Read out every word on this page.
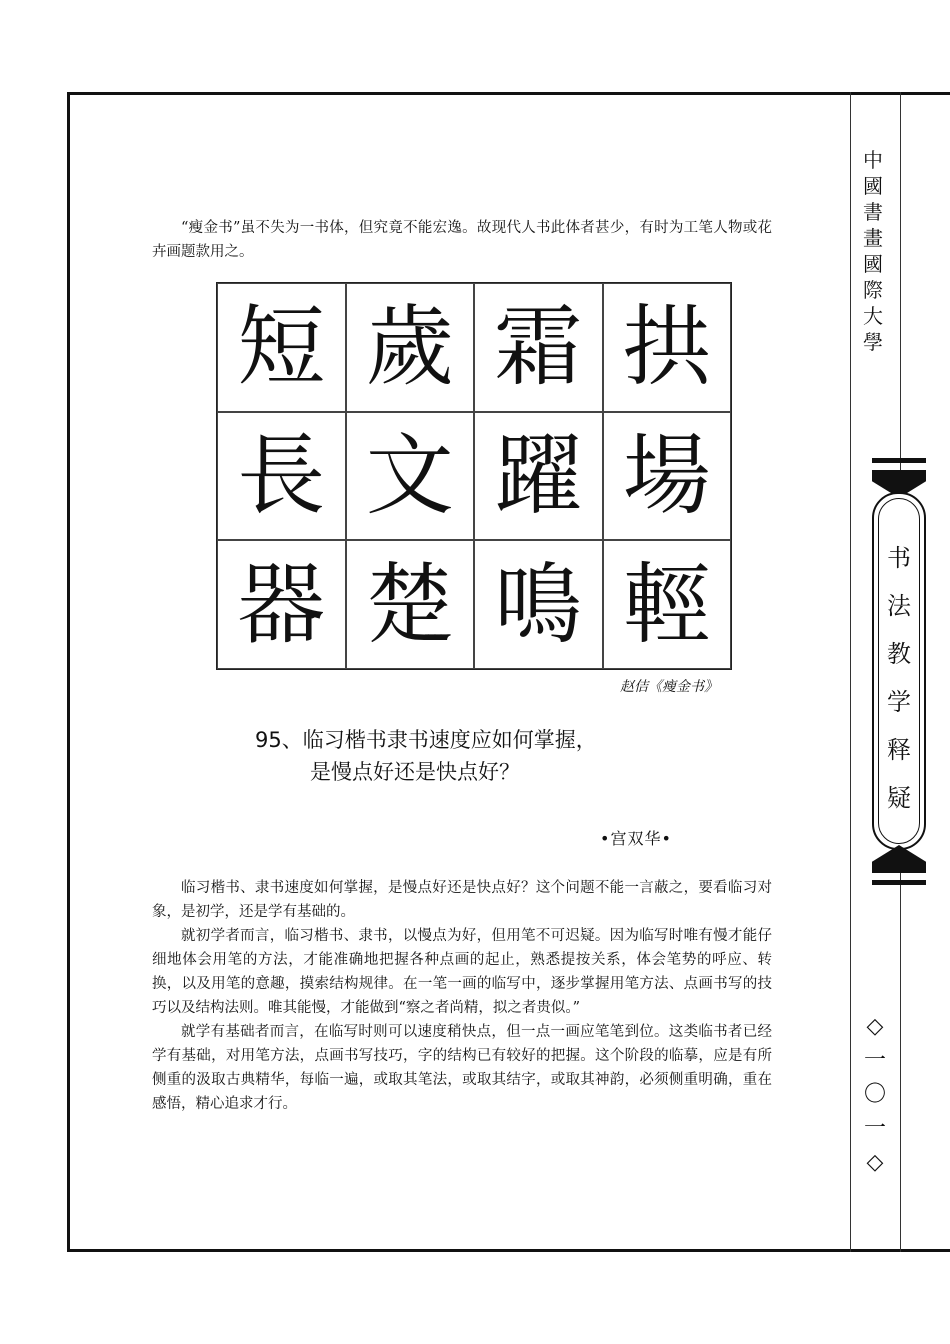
中
國
書
畫
國
際
大
學
书
法
教
学
释
疑
◇
一
〇
一
◇

“瘦金书”虽不失为一书体，但究竟不能宏逸。故现代人书此体者甚少，有时为工笔人物或花卉画题款用之。

短 歲 霜 拱
長 文 躍 場
器 楚 鳴 輕
赵佶《瘦金书》
95、临习楷书隶书速度应如何掌握，
是慢点好还是快点好？
•宫双华•

临习楷书、隶书速度如何掌握，是慢点好还是快点好？这个问题不能一言蔽之，要看临习对象，是初学，还是学有基础的。

就初学者而言，临习楷书、隶书，以慢点为好，但用笔不可迟疑。因为临写时唯有慢才能仔细地体会用笔的方法，才能准确地把握各种点画的起止，熟悉提按关系，体会笔势的呼应、转换，以及用笔的意趣，摸索结构规律。在一笔一画的临写中，逐步掌握用笔方法、点画书写的技巧以及结构法则。唯其能慢，才能做到“察之者尚精，拟之者贵似。”

就学有基础者而言，在临写时则可以速度稍快点，但一点一画应笔笔到位。这类临书者已经学有基础，对用笔方法，点画书写技巧，字的结构已有较好的把握。这个阶段的临摹，应是有所侧重的汲取古典精华，每临一遍，或取其笔法，或取其结字，或取其神韵，必须侧重明确，重在感悟，精心追求才行。
